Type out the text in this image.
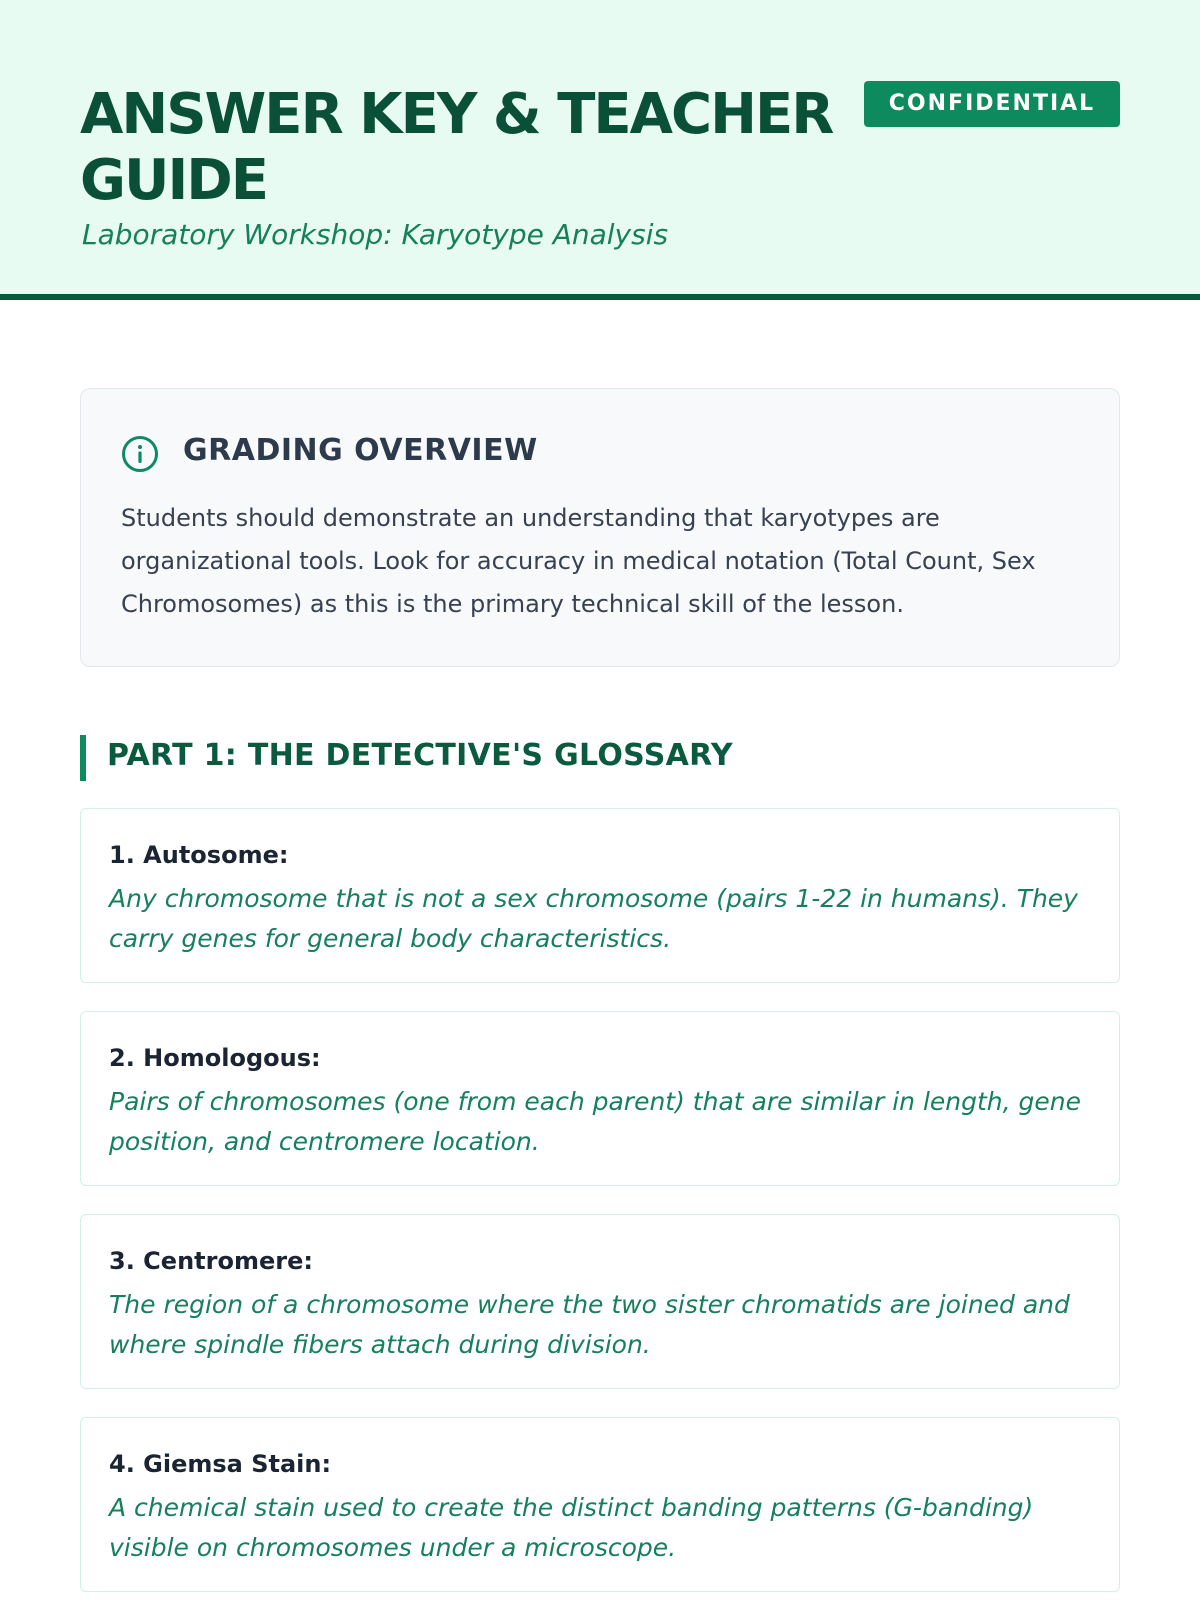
ANSWER KEY & TEACHER GUIDE
CONFIDENTIAL
Laboratory Workshop: Karyotype Analysis
GRADING OVERVIEW
Students should demonstrate an understanding that karyotypes are organizational tools. Look for accuracy in medical notation (Total Count, Sex Chromosomes) as this is the primary technical skill of the lesson.
PART 1: THE DETECTIVE'S GLOSSARY
1. Autosome:
Any chromosome that is not a sex chromosome (pairs 1-22 in humans). They carry genes for general body characteristics.
2. Homologous:
Pairs of chromosomes (one from each parent) that are similar in length, gene position, and centromere location.
3. Centromere:
The region of a chromosome where the two sister chromatids are joined and where spindle fibers attach during division.
4. Giemsa Stain:
A chemical stain used to create the distinct banding patterns (G-banding) visible on chromosomes under a microscope.
